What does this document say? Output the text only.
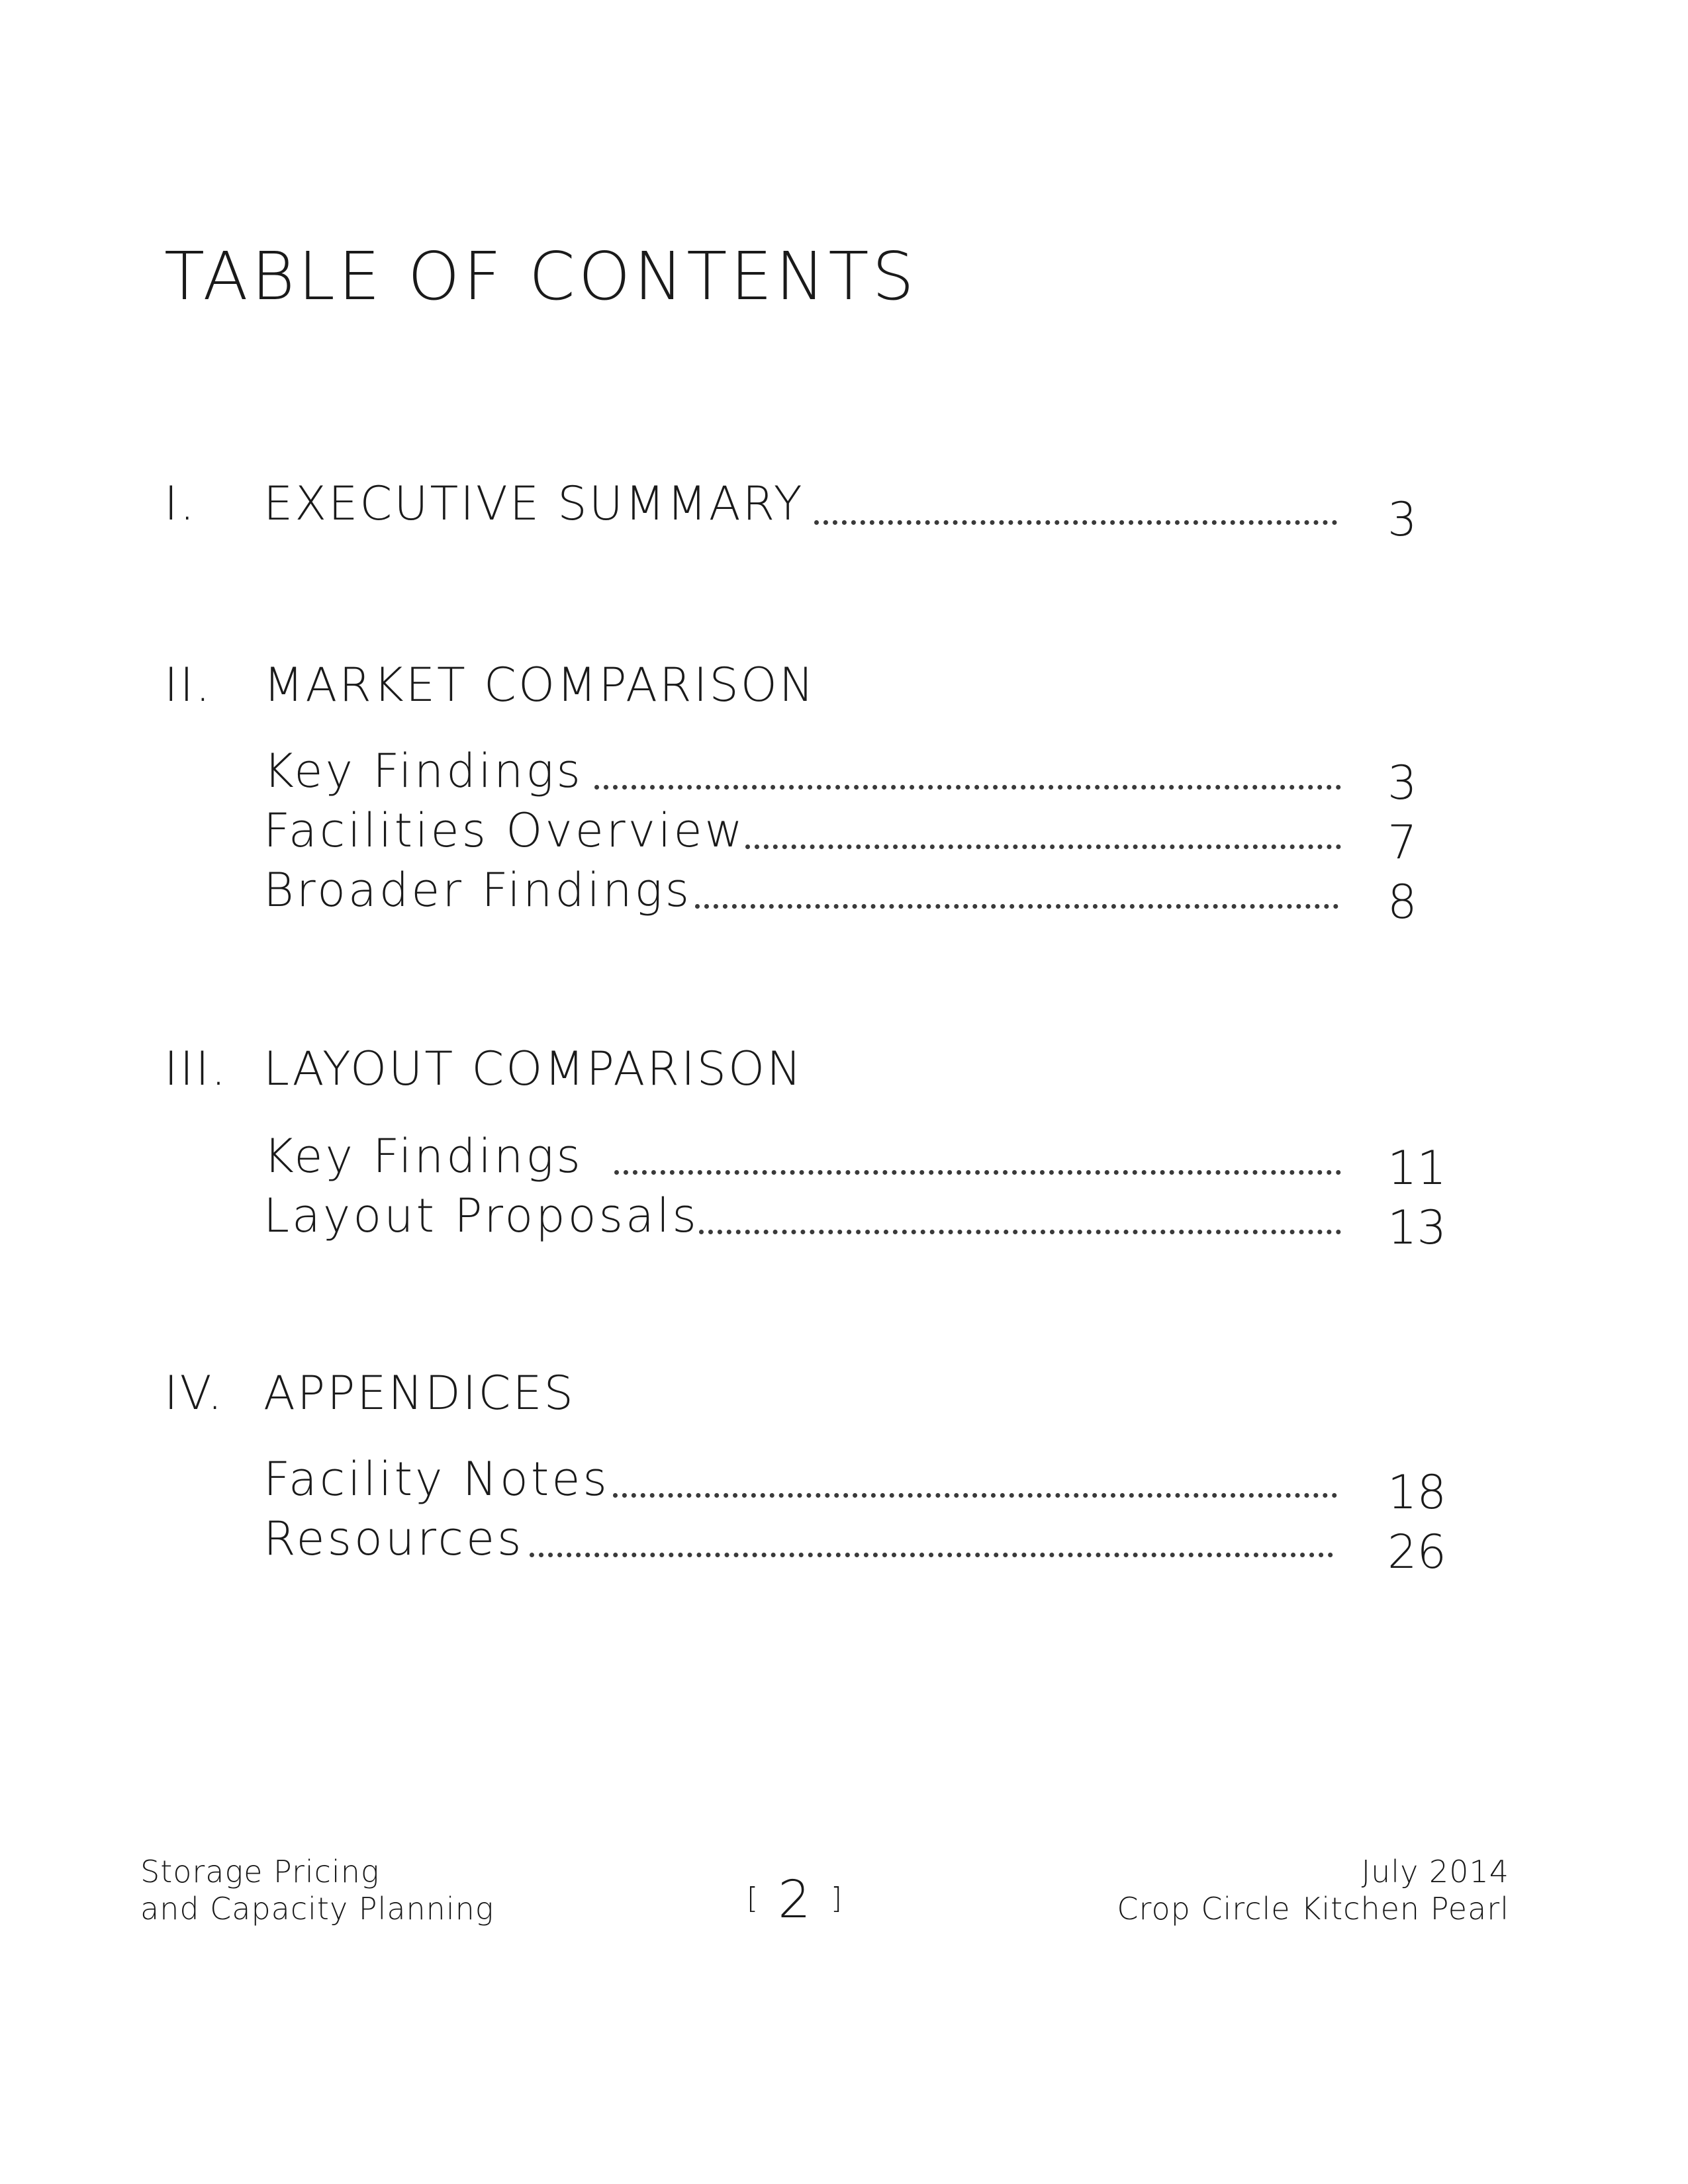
TABLE OF CONTENTS
I. EXECUTIVE SUMMARY	3
II. MARKET COMPARISON
Key Findings	3
Facilities Overview	7
Broader Findings	8
III. LAYOUT COMPARISON
Key Findings	11
Layout Proposals	13
IV. APPENDICES
Facility Notes	18
Resources	26
Storage Pricing
and Capacity Planning	[ 2 ]
July 2014
Crop Circle Kitchen Pearl
